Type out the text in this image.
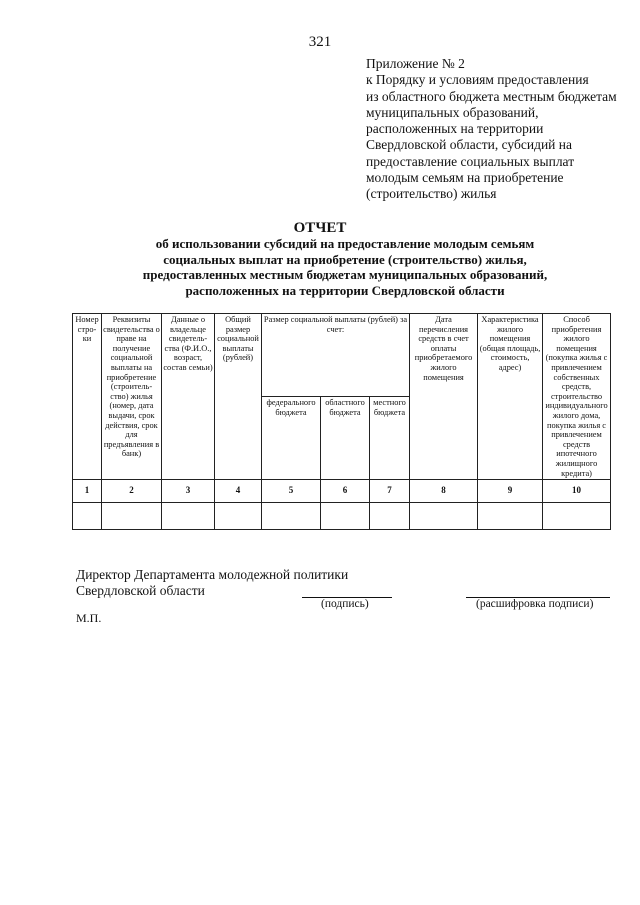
321
Приложение № 2
к Порядку и условиям предоставления
из областного бюджета местным бюджетам
муниципальных образований,
расположенных на территории
Свердловской области, субсидий на
предоставление социальных выплат
молодым семьям на приобретение
(строительство) жилья
ОТЧЕТ
об использовании субсидий на предоставление молодым семьям
социальных выплат на приобретение (строительство) жилья,
предоставленных местным бюджетам муниципальных образований,
расположенных на территории Свердловской области
Номер стро-ки	Реквизиты свидетельства о праве на получение социальной выплаты на приобретение (строитель-ство) жилья (номер, дата выдачи, срок действия, срок для предъявления в банк)	Данные о владельце свидетель-ства (Ф.И.О., возраст, состав семьи)	Общий размер социальной выплаты (рублей)	Размер социальной выплаты (рублей) за счет:			Дата перечисления средств в счет оплаты приобретаемого жилого помещения	Характеристика жилого помещения (общая площадь, стоимость, адрес)	Способ приобретения жилого помещения (покупка жилья с привлечением собственных средств, строительство индивидуального жилого дома, покупка жилья с привлечением средств ипотечного жилищного кредита)
				федерального бюджета	областного бюджета	местного бюджета			
1	2	3	4	5	6	7	8	9	10

Директор Департамента молодежной политики
Свердловской области
(подпись)	(расшифровка подписи)
М.П.
